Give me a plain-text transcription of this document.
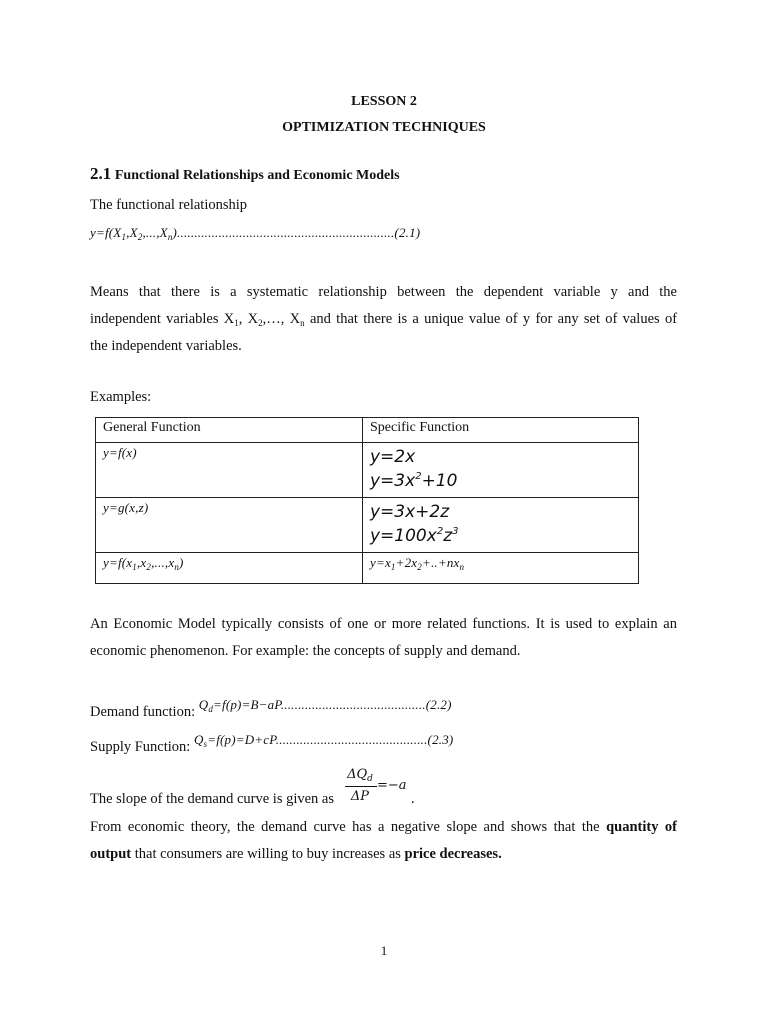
LESSON 2
OPTIMIZATION TECHNIQUES
2.1 Functional Relationships and Economic Models
The functional relationship
$y=f(X_1,X_2,...,X_n)...............................................................(2.1)$
Means that there is a systematic relationship between the dependent variable y and the
independent variables $X_1$, $X_2,\dots$, $X_n$ and that there is a unique value of y for any set of values of
the independent variables.
Examples:
General Function	Specific Function
y=f(x)	y=2x
$y=3x^2+10$

y=g(x,z)	y=3x+2z
$y=100x^2z^3$

$y=f(x_1,x_2,...,x_n)$	$y=x_1+2x_2+..+nx_n$
An Economic Model typically consists of one or more related functions. It is used to explain an
economic phenomenon. For example: the concepts of supply and demand.
Demand function: $Q_d=f(p)=B-aP..........................................(2.2)$
Supply Function: $Q_s=f(p)=D+cP............................................(2.3)$
The slope of the demand curve is given as
$\Delta Q_d$
ΔP
=−a
.
From economic theory, the demand curve has a negative slope and shows that the quantity of
output that consumers are willing to buy increases as price decreases.
1
